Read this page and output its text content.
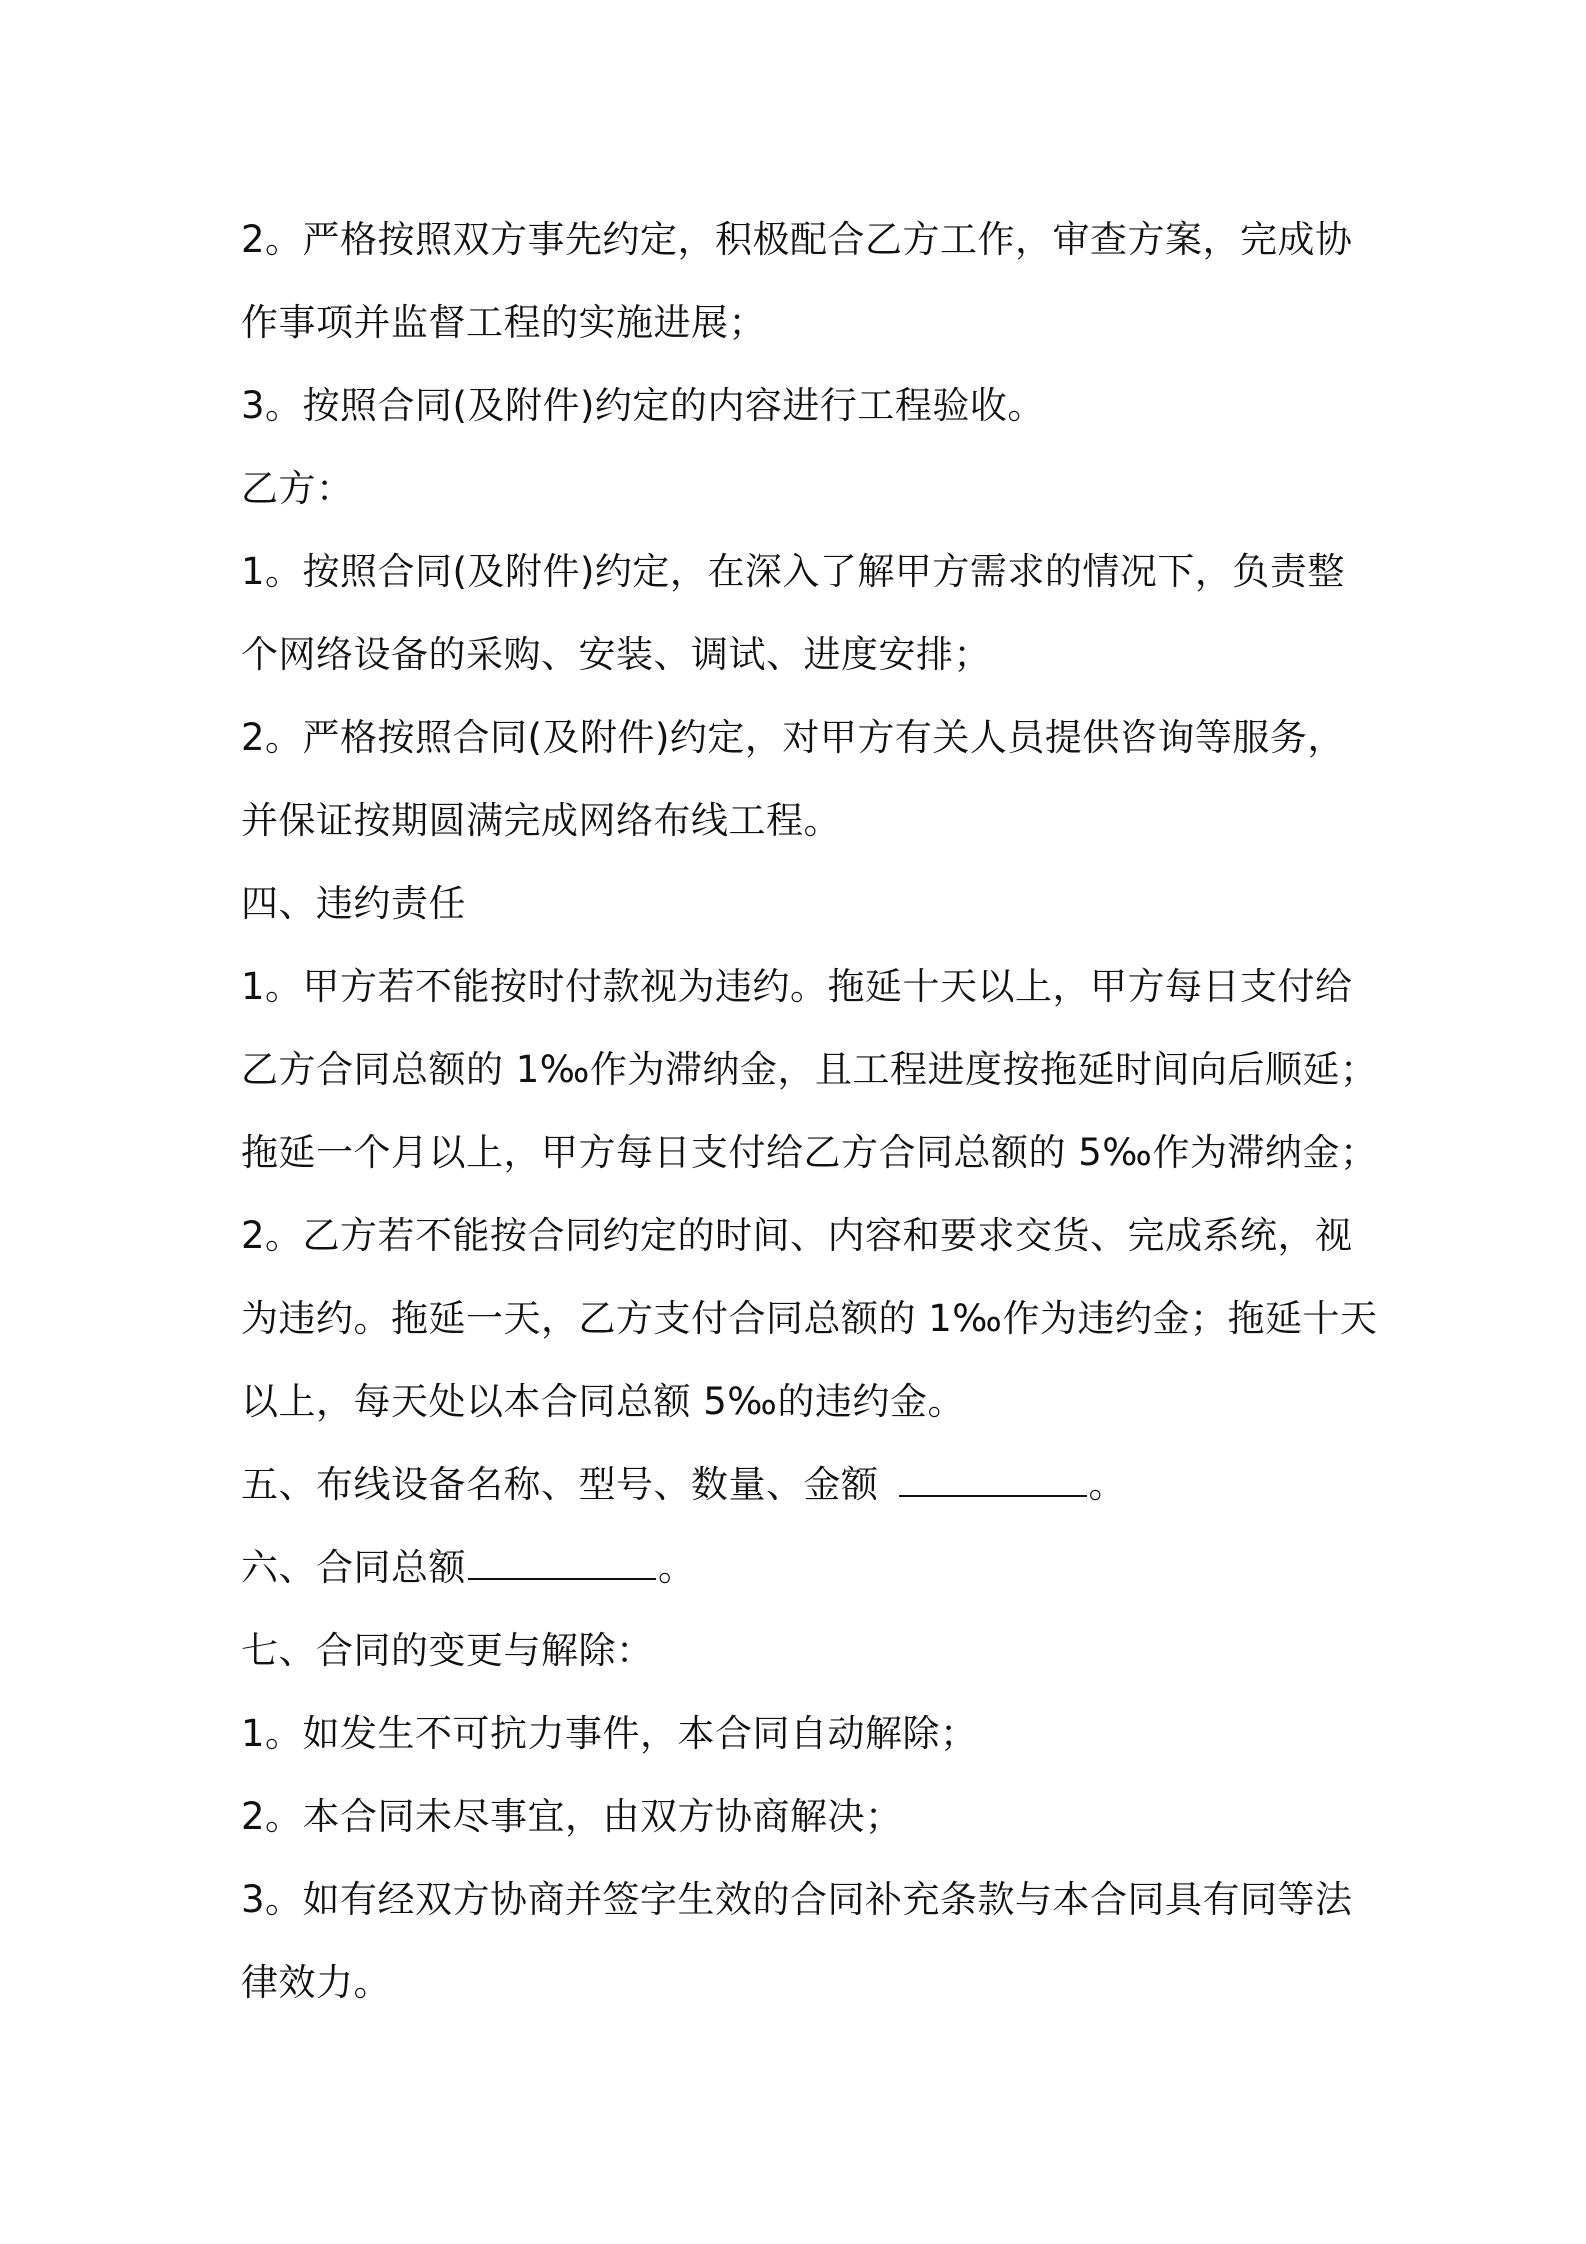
2。严格按照双方事先约定，积极配合乙方工作，审查方案，完成协
作事项并监督工程的实施进展；
3。按照合同(及附件)约定的内容进行工程验收。
乙方：
1。按照合同(及附件)约定，在深入了解甲方需求的情况下，负责整
个网络设备的采购、安装、调试、进度安排；
2。严格按照合同(及附件)约定，对甲方有关人员提供咨询等服务，
并保证按期圆满完成网络布线工程。
四、违约责任
1。甲方若不能按时付款视为违约。拖延十天以上，甲方每日支付给
乙方合同总额的 1‰作为滞纳金，且工程进度按拖延时间向后顺延；
拖延一个月以上，甲方每日支付给乙方合同总额的 5‰作为滞纳金；
2。乙方若不能按合同约定的时间、内容和要求交货、完成系统，视
为违约。拖延一天，乙方支付合同总额的 1‰作为违约金；拖延十天
以上，每天处以本合同总额 5‰的违约金。
五、布线设备名称、型号、数量、金额	。
六、合同总额	。
七、合同的变更与解除：
1。如发生不可抗力事件，本合同自动解除；
2。本合同未尽事宜，由双方协商解决；
3。如有经双方协商并签字生效的合同补充条款与本合同具有同等法
律效力。
